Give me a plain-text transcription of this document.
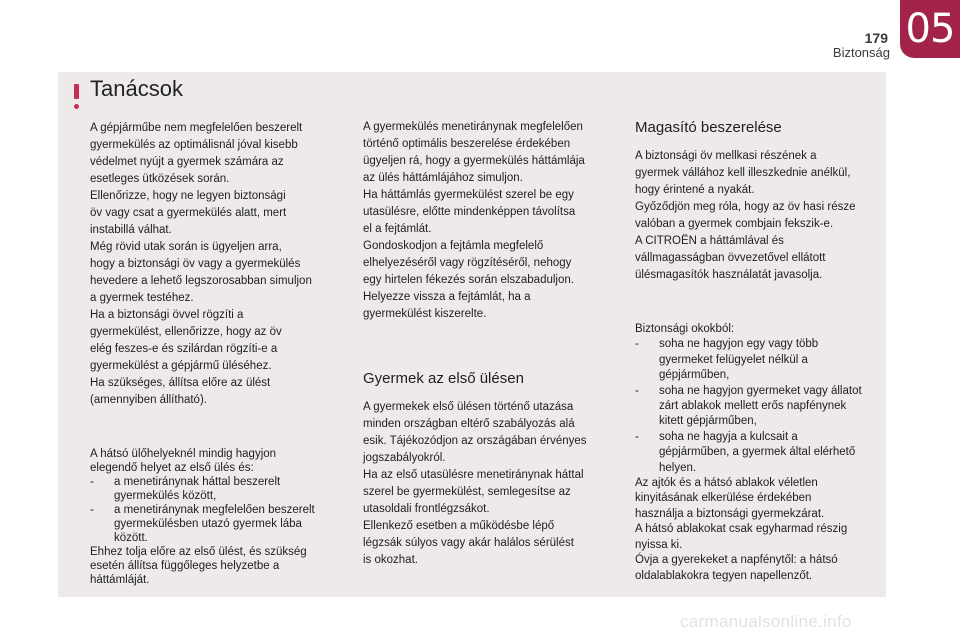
179
Biztonság
05
Tanácsok

A gépjárműbe nem megfelelően beszerelt

gyermekülés az optimálisnál jóval kisebb

védelmet nyújt a gyermek számára az

esetleges ütközések során.

Ellenőrizze, hogy ne legyen biztonsági

öv vagy csat a gyermekülés alatt, mert

instabillá válhat.

Még rövid utak során is ügyeljen arra,

hogy a biztonsági öv vagy a gyermekülés

hevedere a lehető legszorosabban simuljon

a gyermek testéhez.

Ha a biztonsági övvel rögzíti a

gyermekülést, ellenőrizze, hogy az öv

elég feszes-e és szilárdan rögzíti-e a

gyermekülést a gépjármű üléséhez.

Ha szükséges, állítsa előre az ülést

(amennyiben állítható).

A hátsó ülőhelyeknél mindig hagyjon

elegendő helyet az első ülés és:

-	a menetiránynak háttal beszerelt

gyermekülés között,

-	a menetiránynak megfelelően beszerelt

gyermekülésben utazó gyermek lába

között.

Ehhez tolja előre az első ülést, és szükség

esetén állítsa függőleges helyzetbe a

háttámláját.

A gyermekülés menetiránynak megfelelően

történő optimális beszerelése érdekében

ügyeljen rá, hogy a gyermekülés háttámlája

az ülés háttámlájához simuljon.

Ha háttámlás gyermekülést szerel be egy

utasülésre, előtte mindenképpen távolítsa

el a fejtámlát.

Gondoskodjon a fejtámla megfelelő

elhelyezéséről vagy rögzítéséről, nehogy

egy hirtelen fékezés során elszabaduljon.

Helyezze vissza a fejtámlát, ha a

gyermekülést kiszerelte.

Gyermek az első ülésen

A gyermekek első ülésen történő utazása

minden országban eltérő szabályozás alá

esik. Tájékozódjon az országában érvényes

jogszabályokról.

Ha az első utasülésre menetiránynak háttal

szerel be gyermekülést, semlegesítse az

utasoldali frontlégzsákot.

Ellenkező esetben a működésbe lépő

légzsák súlyos vagy akár halálos sérülést

is okozhat.

Magasító beszerelése

A biztonsági öv mellkasi részének a

gyermek vállához kell illeszkednie anélkül,

hogy érintené a nyakát.

Győződjön meg róla, hogy az öv hasi része

valóban a gyermek combjain fekszik-e.

A CITROËN a háttámlával és

vállmagasságban övvezetővel ellátott

ülésmagasítók használatát javasolja.

Biztonsági okokból:

-	soha ne hagyjon egy vagy több

gyermeket felügyelet nélkül a

gépjárműben,

-	soha ne hagyjon gyermeket vagy állatot

zárt ablakok mellett erős napfénynek

kitett gépjárműben,

-	soha ne hagyja a kulcsait a

gépjárműben, a gyermek által elérhető

helyen.

Az ajtók és a hátsó ablakok véletlen

kinyitásának elkerülése érdekében

használja a biztonsági gyermekzárat.

A hátsó ablakokat csak egyharmad részig

nyissa ki.

Óvja a gyerekeket a napfénytől: a hátsó

oldalablakokra tegyen napellenzőt.

carmanualsonline.info
